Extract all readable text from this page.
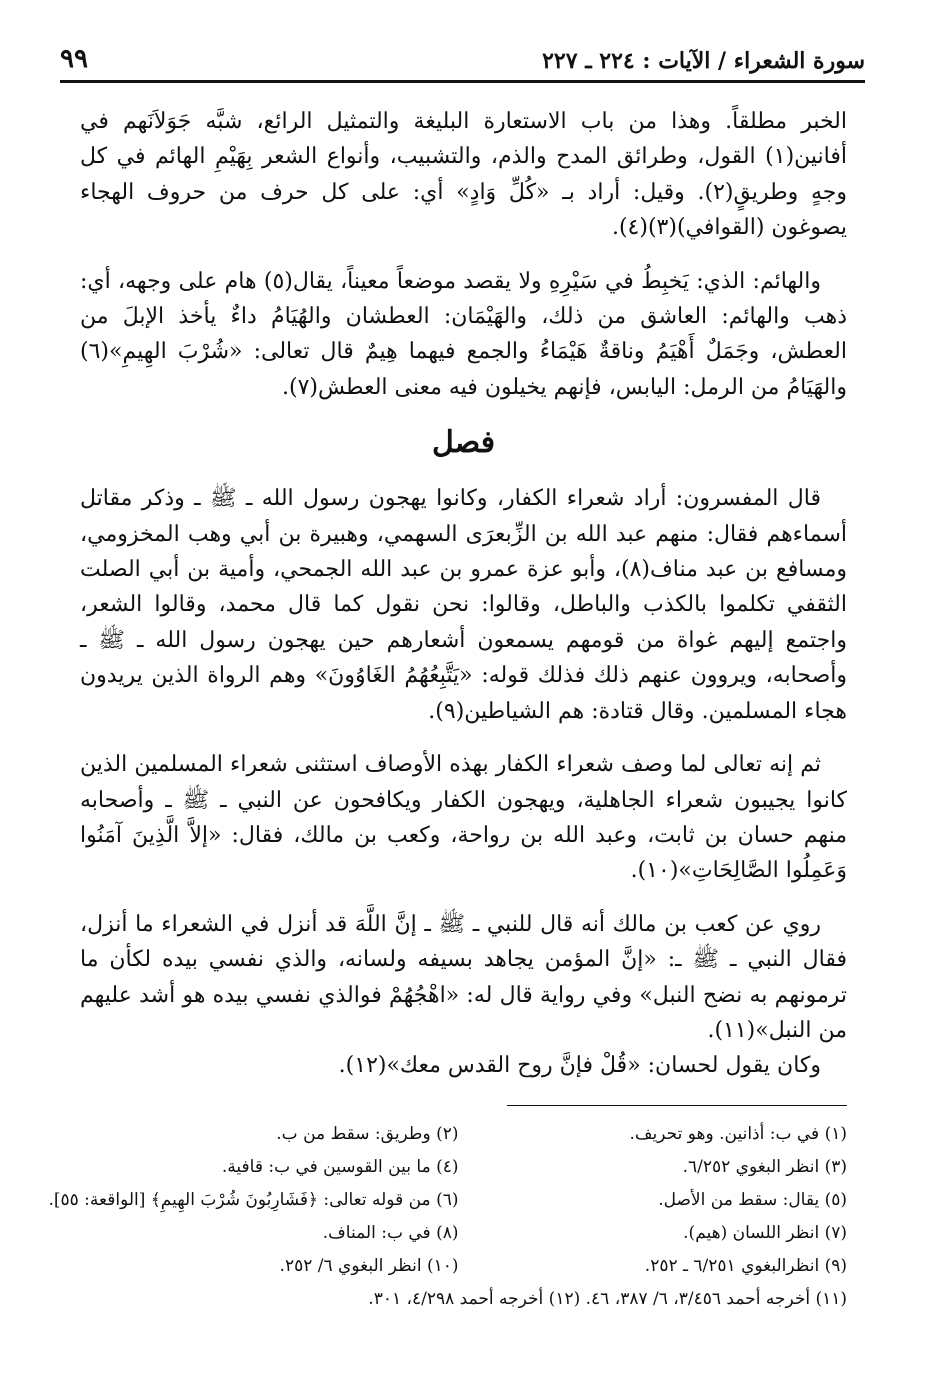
سورة الشعراء / الآيات : ٢٢٤ ـ ٢٢٧
٩٩

الخبر مطلقاً. وهذا من باب الاستعارة البليغة والتمثيل الرائع، شبَّه جَوَلاَنَهم في أفانين(١) القول، وطرائق المدح والذم، والتشبيب، وأنواع الشعر بِهَيْمِ الهائم في كل وجهٍ وطريقٍ(٢). وقيل: أراد بـ «كُلِّ وَادٍ» أي: على كل حرف من حروف الهجاء يصوغون (القوافي)(٣)(٤).

والهائم: الذي: يَخبِطُ في سَيْرِهِ ولا يقصد موضعاً معيناً، يقال(٥) هام على وجهه، أي: ذهب والهائم: العاشق من ذلك، والهَيْمَان: العطشان والهُيَامُ داءٌ يأخذ الإبلَ من العطش، وجَمَلٌ أَهْيَمُ وناقةٌ هَيْمَاءُ والجمع فيهما هِيمٌ قال تعالى: «شُرْبَ الهِيمِ»(٦) والهَيَامُ من الرمل: اليابس، فإنهم يخيلون فيه معنى العطش(٧).

فصل

قال المفسرون: أراد شعراء الكفار، وكانوا يهجون رسول الله ـ ﷺ ـ وذكر مقاتل أسماءهم فقال: منهم عبد الله بن الزِّبعرَى السهمي، وهبيرة بن أبي وهب المخزومي، ومسافع بن عبد مناف(٨)، وأبو عزة عمرو بن عبد الله الجمحي، وأمية بن أبي الصلت الثقفي تكلموا بالكذب والباطل، وقالوا: نحن نقول كما قال محمد، وقالوا الشعر، واجتمع إليهم غواة من قومهم يسمعون أشعارهم حين يهجون رسول الله ـ ﷺ ـ وأصحابه، ويروون عنهم ذلك فذلك قوله: «يَتَّبِعُهُمُ الغَاوُونَ» وهم الرواة الذين يريدون هجاء المسلمين. وقال قتادة: هم الشياطين(٩).

ثم إنه تعالى لما وصف شعراء الكفار بهذه الأوصاف استثنى شعراء المسلمين الذين كانوا يجيبون شعراء الجاهلية، ويهجون الكفار ويكافحون عن النبي ـ ﷺ ـ وأصحابه منهم حسان بن ثابت، وعبد الله بن رواحة، وكعب بن مالك، فقال: «إلاَّ الَّذِينَ آمَنُوا وَعَمِلُوا الصَّالِحَاتِ»(١٠).

روي عن كعب بن مالك أنه قال للنبي ـ ﷺ ـ إنَّ اللَّهَ قد أنزل في الشعراء ما أنزل، فقال النبي ـ ﷺ ـ: «إنَّ المؤمن يجاهد بسيفه ولسانه، والذي نفسي بيده لكأن ما ترمونهم به نضح النبل» وفي رواية قال له: «اهْجُهُمْ فوالذي نفسي بيده هو أشد عليهم من النبل»(١١).

وكان يقول لحسان: «قُلْ فإنَّ روح القدس معك»(١٢).

(١) في ب: أذانين. وهو تحريف.
(٢) وطريق: سقط من ب.
(٣) انظر البغوي ٦/٢٥٢.
(٤) ما بين القوسين في ب: قافية.
(٥) يقال: سقط من الأصل.
(٦) من قوله تعالى: ﴿فَشَارِبُونَ شُرْبَ الهِيمِ﴾ [الواقعة: ٥٥].
(٧) انظر اللسان (هيم).
(٨) في ب: المناف.
(٩) انظرالبغوي ٦/٢٥١ ـ ٢٥٢.
(١٠) انظر البغوي ٦/ ٢٥٢.
(١١) أخرجه أحمد ٣/٤٥٦، ٦/ ٣٨٧، ٤٦. (١٢) أخرجه أحمد ٤/٢٩٨، ٣٠١.
